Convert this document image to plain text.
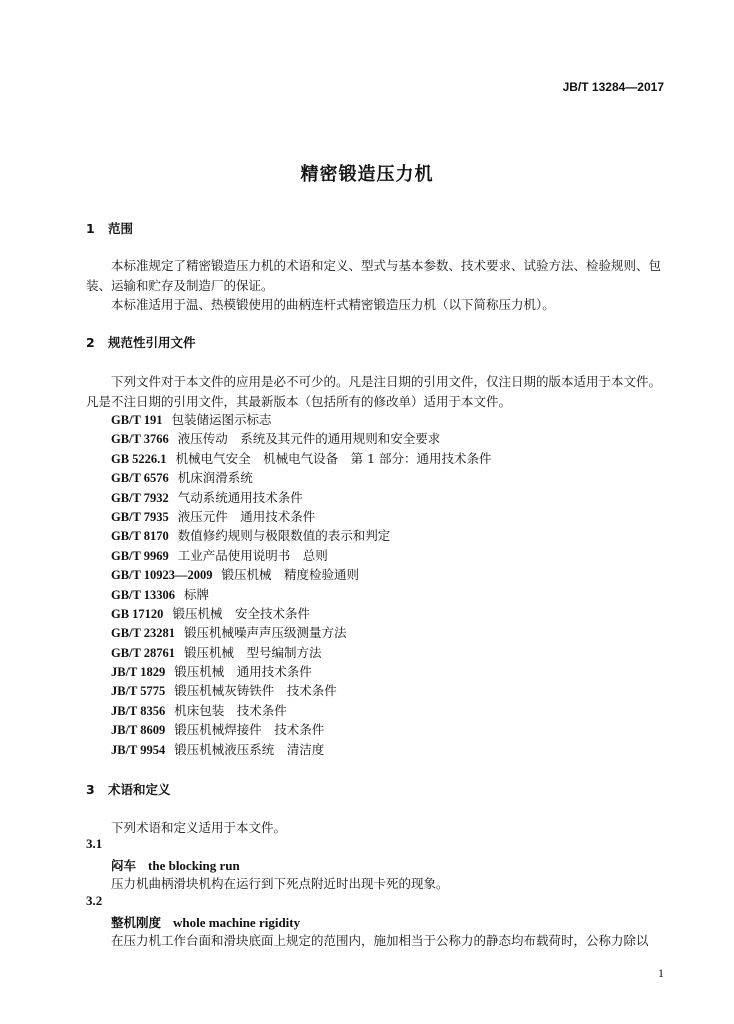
JB/T 13284—2017
精密锻造压力机
1 范围

本标准规定了精密锻造压力机的术语和定义、型式与基本参数、技术要求、试验方法、检验规则、包装、运输和贮存及制造厂的保证。

本标准适用于温、热模锻使用的曲柄连杆式精密锻造压力机（以下简称压力机）。

2 规范性引用文件

下列文件对于本文件的应用是必不可少的。凡是注日期的引用文件，仅注日期的版本适用于本文件。凡是不注日期的引用文件，其最新版本（包括所有的修改单）适用于本文件。

GB/T 191 包装储运图示标志
GB/T 3766 液压传动　系统及其元件的通用规则和安全要求
GB 5226.1 机械电气安全　机械电气设备　第 1 部分：通用技术条件
GB/T 6576 机床润滑系统
GB/T 7932 气动系统通用技术条件
GB/T 7935 液压元件　通用技术条件
GB/T 8170 数值修约规则与极限数值的表示和判定
GB/T 9969 工业产品使用说明书　总则
GB/T 10923—2009 锻压机械　精度检验通则
GB/T 13306 标牌
GB 17120 锻压机械　安全技术条件
GB/T 23281 锻压机械噪声声压级测量方法
GB/T 28761 锻压机械　型号编制方法
JB/T 1829 锻压机械　通用技术条件
JB/T 5775 锻压机械灰铸铁件　技术条件
JB/T 8356 机床包装　技术条件
JB/T 8609 锻压机械焊接件　技术条件
JB/T 9954 锻压机械液压系统　清洁度
3 术语和定义
下列术语和定义适用于本文件。
3.1
闷车 the blocking run
压力机曲柄滑块机构在运行到下死点附近时出现卡死的现象。
3.2
整机刚度 whole machine rigidity
在压力机工作台面和滑块底面上规定的范围内，施加相当于公称力的静态均布载荷时，公称力除以
1
